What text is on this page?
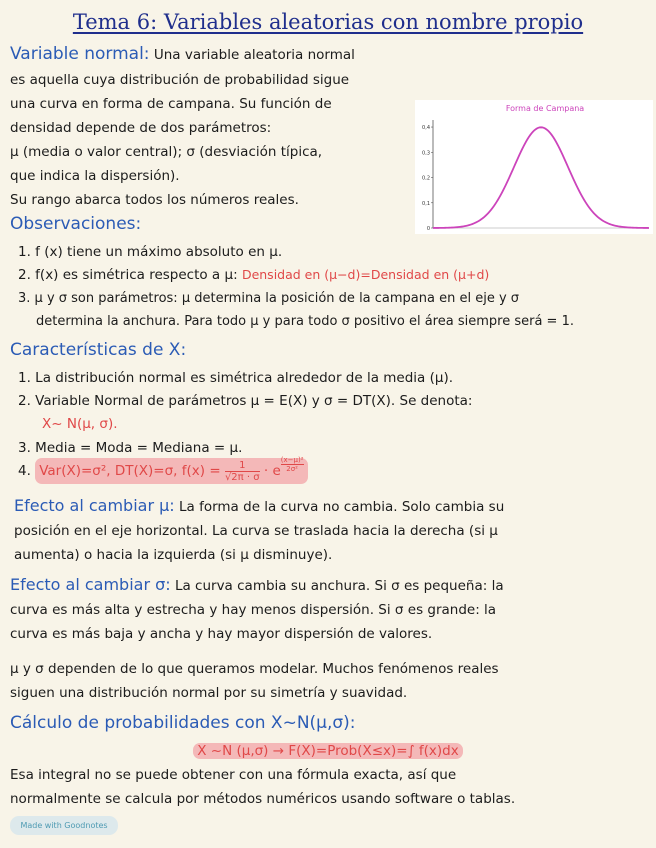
Tema 6: Variables aleatorias con nombre propio
Variable normal: Una variable aleatoria normal
es aquella cuya distribución de probabilidad sigue
una curva en forma de campana. Su función de
densidad depende de dos parámetros:
μ (media o valor central); σ (desviación típica,
que indica la dispersión).
Su rango abarca todos los números reales.
Forma de Campana
0,4
0,3
0,2
0,1
0
Observaciones:
1. f (x) tiene un máximo absoluto en μ.
2. f(x) es simétrica respecto a μ: Densidad en (μ−d)=Densidad en (μ+d)
3. μ y σ son parámetros: μ determina la posición de la campana en el eje y σ
determina la anchura. Para todo μ y para todo σ positivo el área siempre será = 1.
Características de X:
1. La distribución normal es simétrica alrededor de la media (μ).
2. Variable Normal de parámetros μ = E(X) y σ = DT(X). Se denota:
X~ N(μ, σ).
3. Media = Moda = Mediana = μ.
4. Var(X)=σ², DT(X)=σ, $f(x) = \frac{1}{√2\pi \cdot \sigma} \cdot e \frac{\text{(x−μ)²}}{\text{2σ²}}$
Efecto al cambiar μ: La forma de la curva no cambia. Solo cambia su
posición en el eje horizontal. La curva se traslada hacia la derecha (si μ
aumenta) o hacia la izquierda (si μ disminuye).
Efecto al cambiar σ: La curva cambia su anchura. Si σ es pequeña: la
curva es más alta y estrecha y hay menos dispersión. Si σ es grande: la
curva es más baja y ancha y hay mayor dispersión de valores.
μ y σ dependen de lo que queramos modelar. Muchos fenómenos reales
siguen una distribución normal por su simetría y suavidad.
Cálculo de probabilidades con X~N(μ,σ):
X ~N (μ,σ) → F(X)=Prob(X≤x)=∫ f(x)dx
Esa integral no se puede obtener con una fórmula exacta, así que
normalmente se calcula por métodos numéricos usando software o tablas.
Made with Goodnotes
